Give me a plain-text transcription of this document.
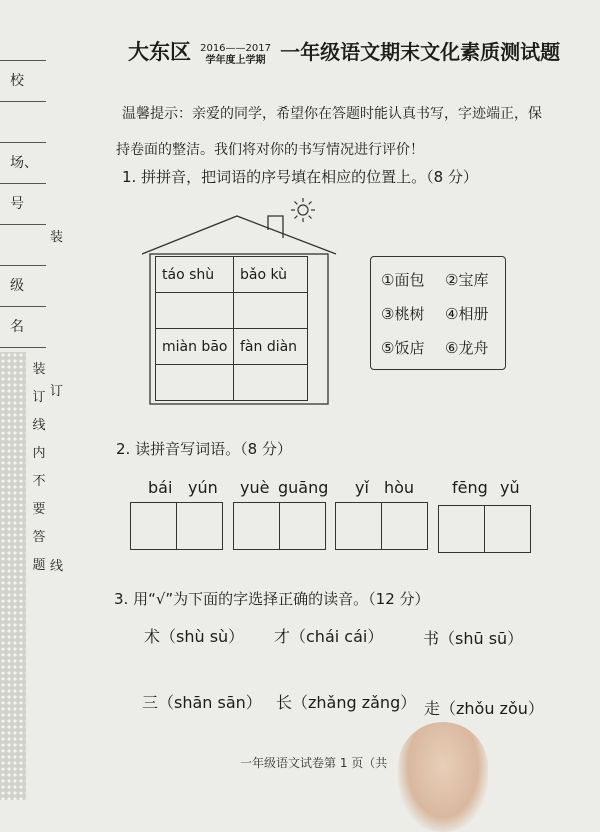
校
场、
号
级
名
装
装
订
线
内
不
要
答
题
订
线
大东区 2016——2017
学年度上学期 一年级语文期末文化素质测试题
温馨提示：亲爱的同学，希望你在答题时能认真书写，字迹端正，保
持卷面的整洁。我们将对你的书写情况进行评价！
1. 拼拼音，把词语的序号填在相应的位置上。（8 分）
táo shù	bǎo kù

miàn bāo	fàn diàn

①面包 ②宝库
③桃树 ④相册
⑤饭店 ⑥龙舟
2. 读拼音写词语。（8 分）
bái yún yuè guāng yǐ hòu fēng yǔ
3. 用“√”为下面的字选择正确的读音。（12 分）
术（shù sù） 才（chái cái） 书（shū sū）
三（shān sān） 长（zhǎng zǎng） 走（zhǒu zǒu）
一年级语文试卷第 1 页（共
